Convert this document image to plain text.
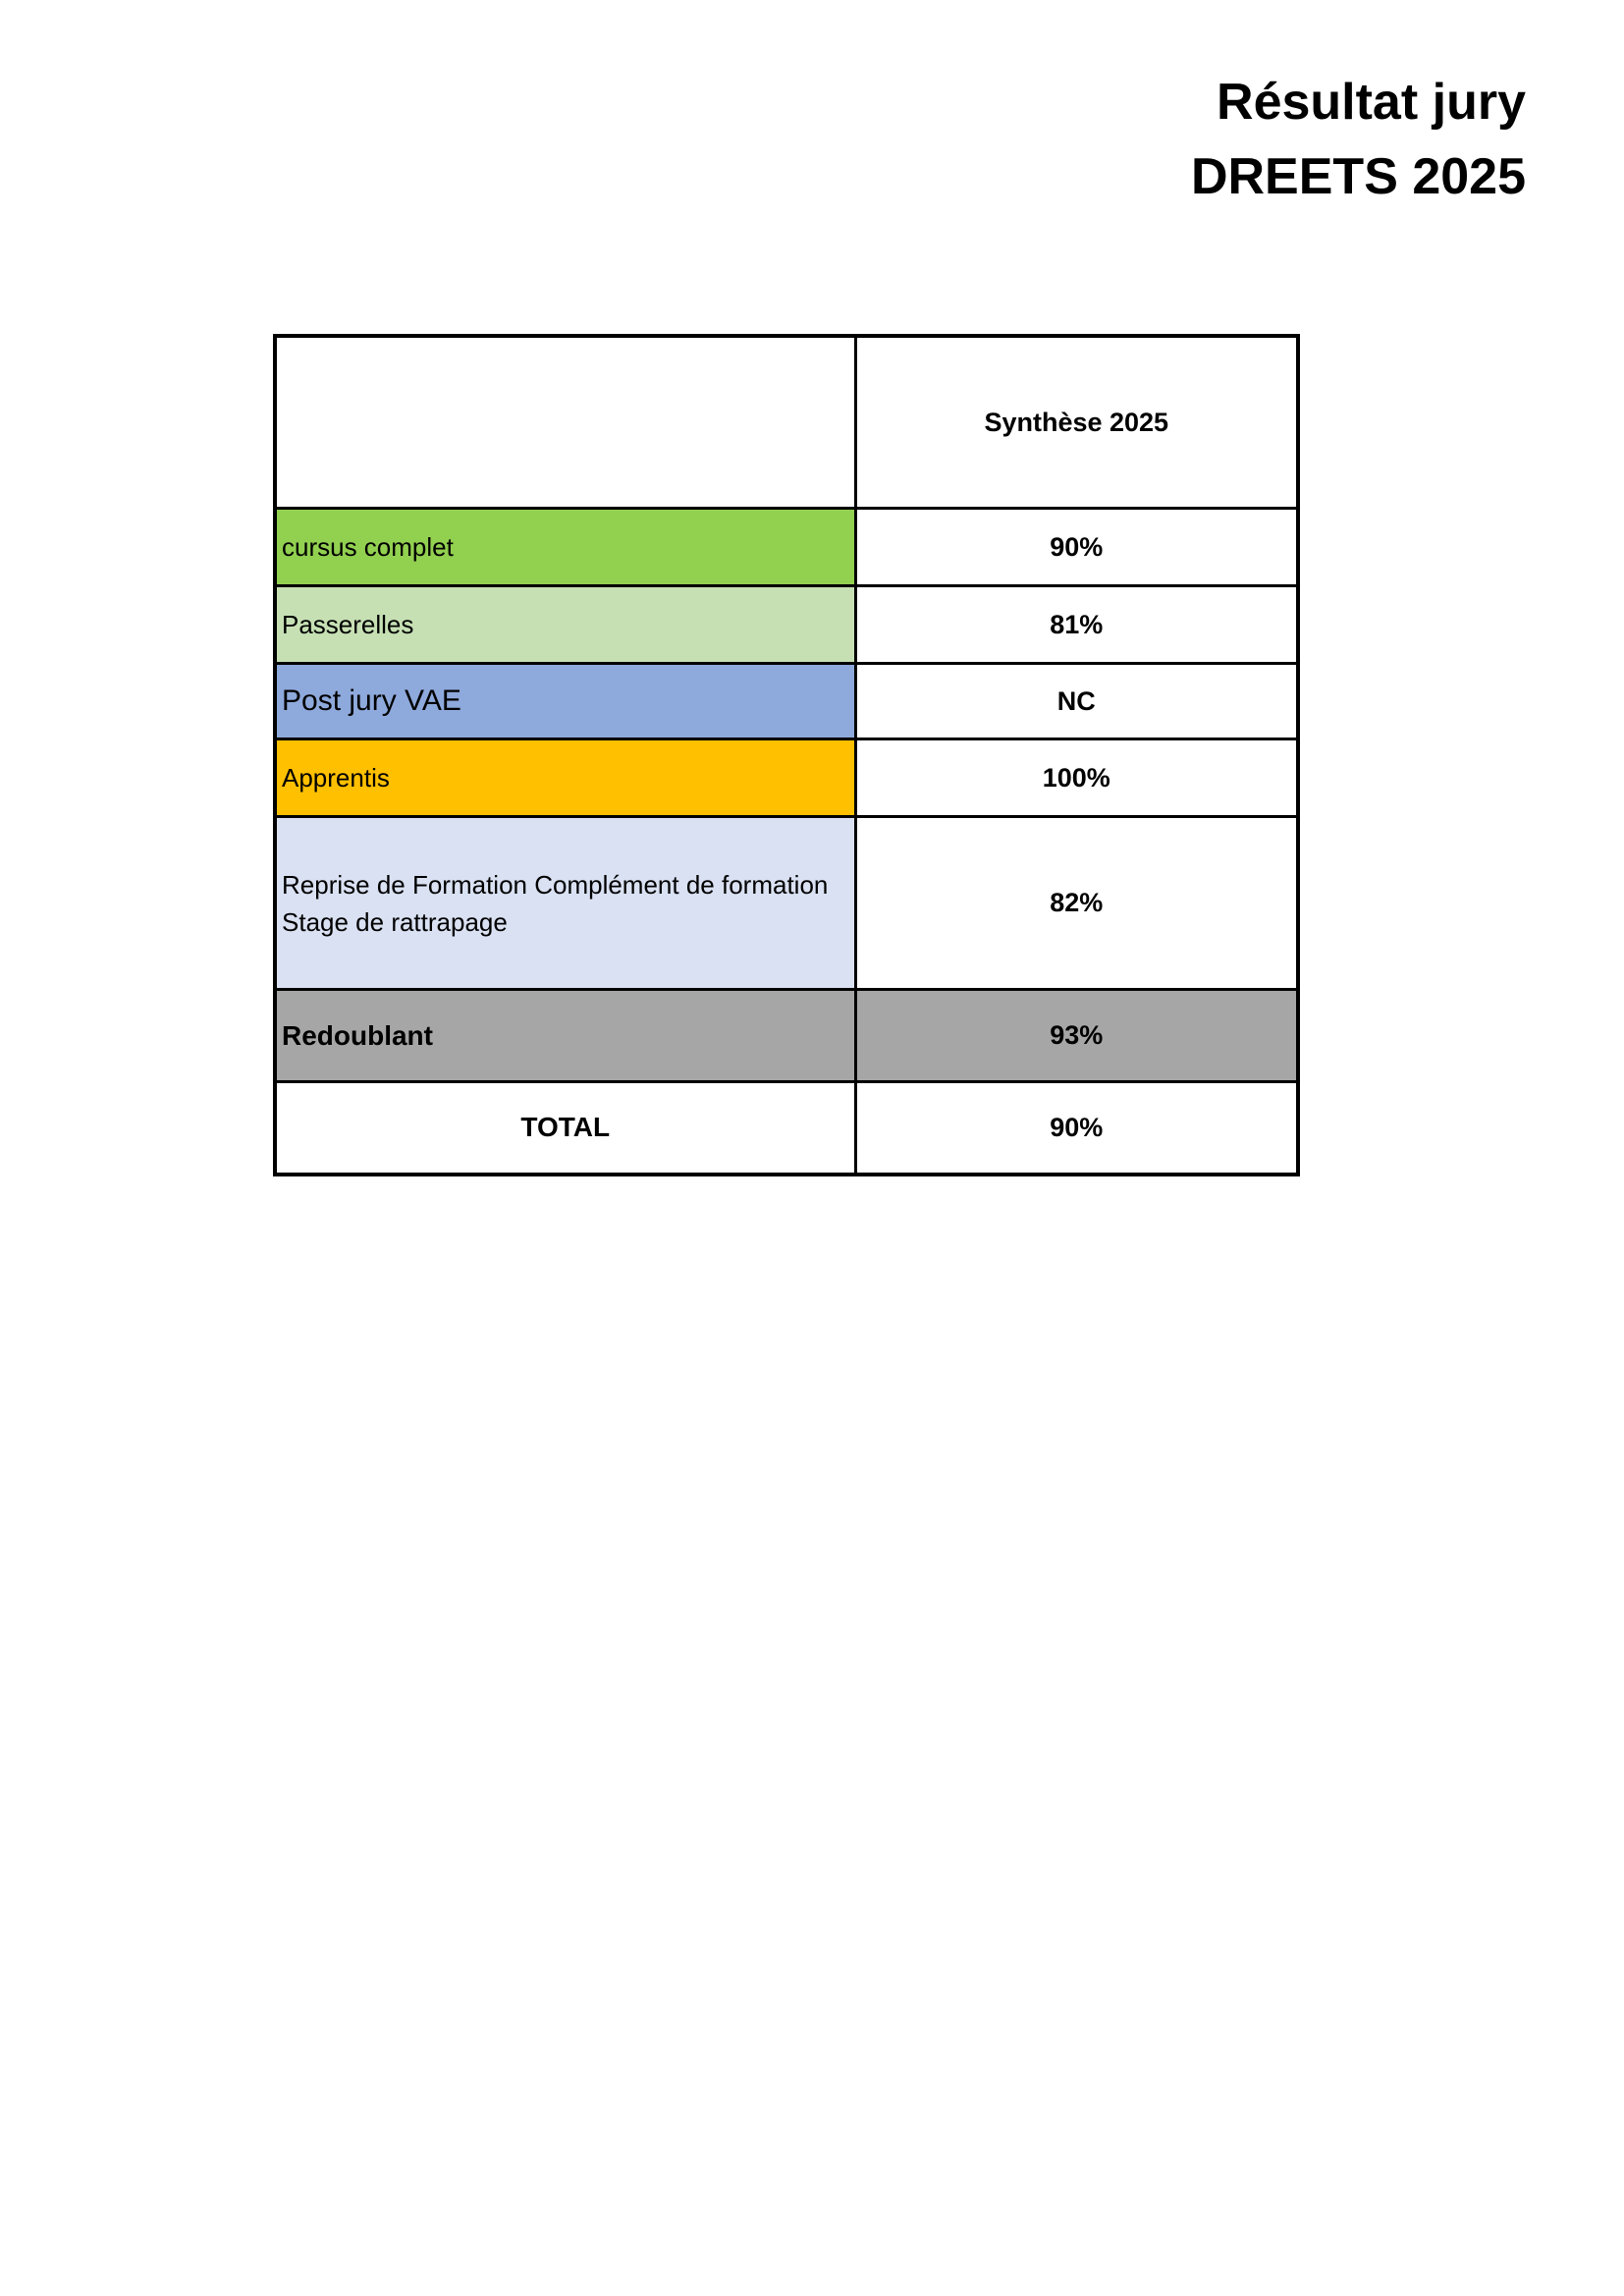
Résultat jury
DREETS 2025
	Synthèse 2025
cursus complet	90%
Passerelles	81%
Post jury VAE	NC
Apprentis	100%
Reprise de Formation Complément de formation Stage de rattrapage	82%
Redoublant	93%
TOTAL	90%
